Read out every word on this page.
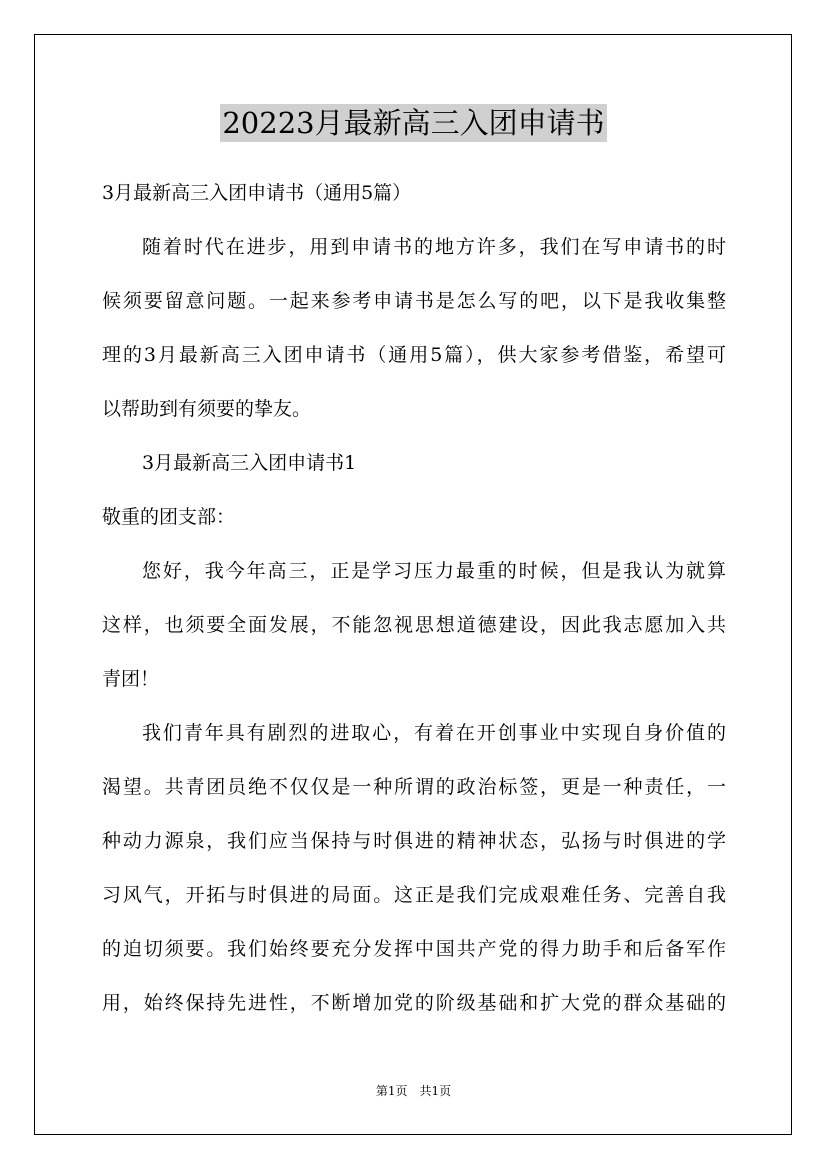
20223月最新高三入团申请书
3月最新高三入团申请书（通用5篇）
随着时代在进步，用到申请书的地方许多，我们在写申请书的时
候须要留意问题。一起来参考申请书是怎么写的吧，以下是我收集整
理的3月最新高三入团申请书（通用5篇），供大家参考借鉴，希望可
以帮助到有须要的挚友。
3月最新高三入团申请书1
敬重的团支部：
您好，我今年高三，正是学习压力最重的时候，但是我认为就算
这样，也须要全面发展，不能忽视思想道德建设，因此我志愿加入共
青团！
我们青年具有剧烈的进取心，有着在开创事业中实现自身价值的
渴望。共青团员绝不仅仅是一种所谓的政治标签，更是一种责任，一
种动力源泉，我们应当保持与时俱进的精神状态，弘扬与时俱进的学
习风气，开拓与时俱进的局面。这正是我们完成艰难任务、完善自我
的迫切须要。我们始终要充分发挥中国共产党的得力助手和后备军作
用，始终保持先进性，不断增加党的阶级基础和扩大党的群众基础的
第1页　共1页
